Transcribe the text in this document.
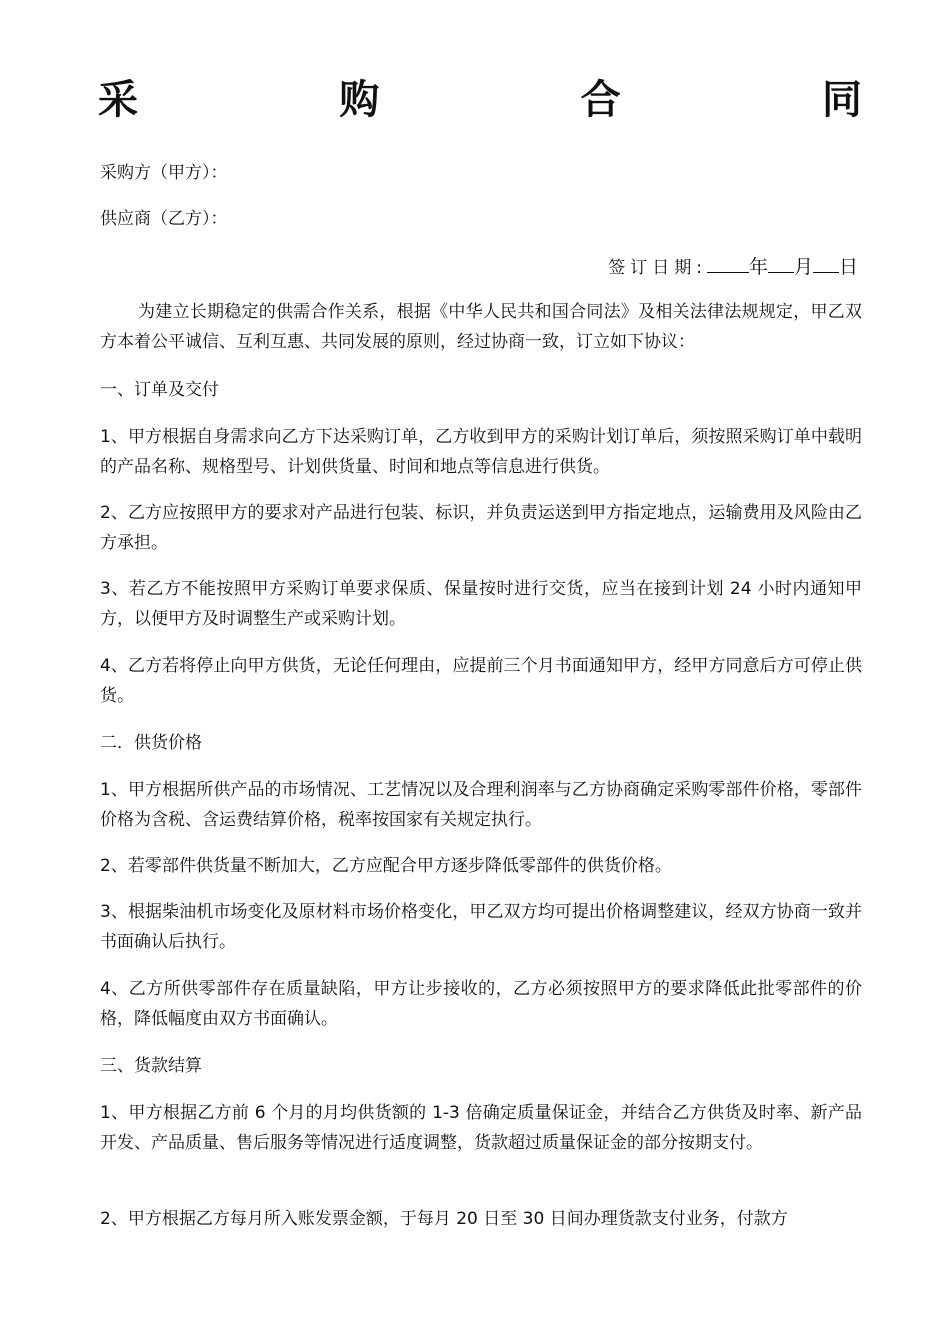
采	购	合	同
采购方（甲方）：
供应商（乙方）：
签订日期: 年 月 日
为建立长期稳定的供需合作关系，根据《中华人民共和国合同法》及相关法律法规规定，甲乙双方本着公平诚信、互利互惠、共同发展的原则，经过协商一致，订立如下协议：
一、订单及交付
1、甲方根据自身需求向乙方下达采购订单，乙方收到甲方的采购计划订单后，须按照采购订单中载明的产品名称、规格型号、计划供货量、时间和地点等信息进行供货。
2、乙方应按照甲方的要求对产品进行包装、标识，并负责运送到甲方指定地点，运输费用及风险由乙方承担。
3、若乙方不能按照甲方采购订单要求保质、保量按时进行交货，应当在接到计划 24 小时内通知甲方，以便甲方及时调整生产或采购计划。
4、乙方若将停止向甲方供货，无论任何理由，应提前三个月书面通知甲方，经甲方同意后方可停止供货。
二．供货价格
1、甲方根据所供产品的市场情况、工艺情况以及合理利润率与乙方协商确定采购零部件价格，零部件价格为含税、含运费结算价格，税率按国家有关规定执行。
2、若零部件供货量不断加大，乙方应配合甲方逐步降低零部件的供货价格。
3、根据柴油机市场变化及原材料市场价格变化，甲乙双方均可提出价格调整建议，经双方协商一致并书面确认后执行。
4、乙方所供零部件存在质量缺陷，甲方让步接收的，乙方必须按照甲方的要求降低此批零部件的价格，降低幅度由双方书面确认。
三、货款结算
1、甲方根据乙方前 6 个月的月均供货额的 1-3 倍确定质量保证金，并结合乙方供货及时率、新产品开发、产品质量、售后服务等情况进行适度调整，货款超过质量保证金的部分按期支付。
2、甲方根据乙方每月所入账发票金额，于每月 20 日至 30 日间办理货款支付业务，付款方
